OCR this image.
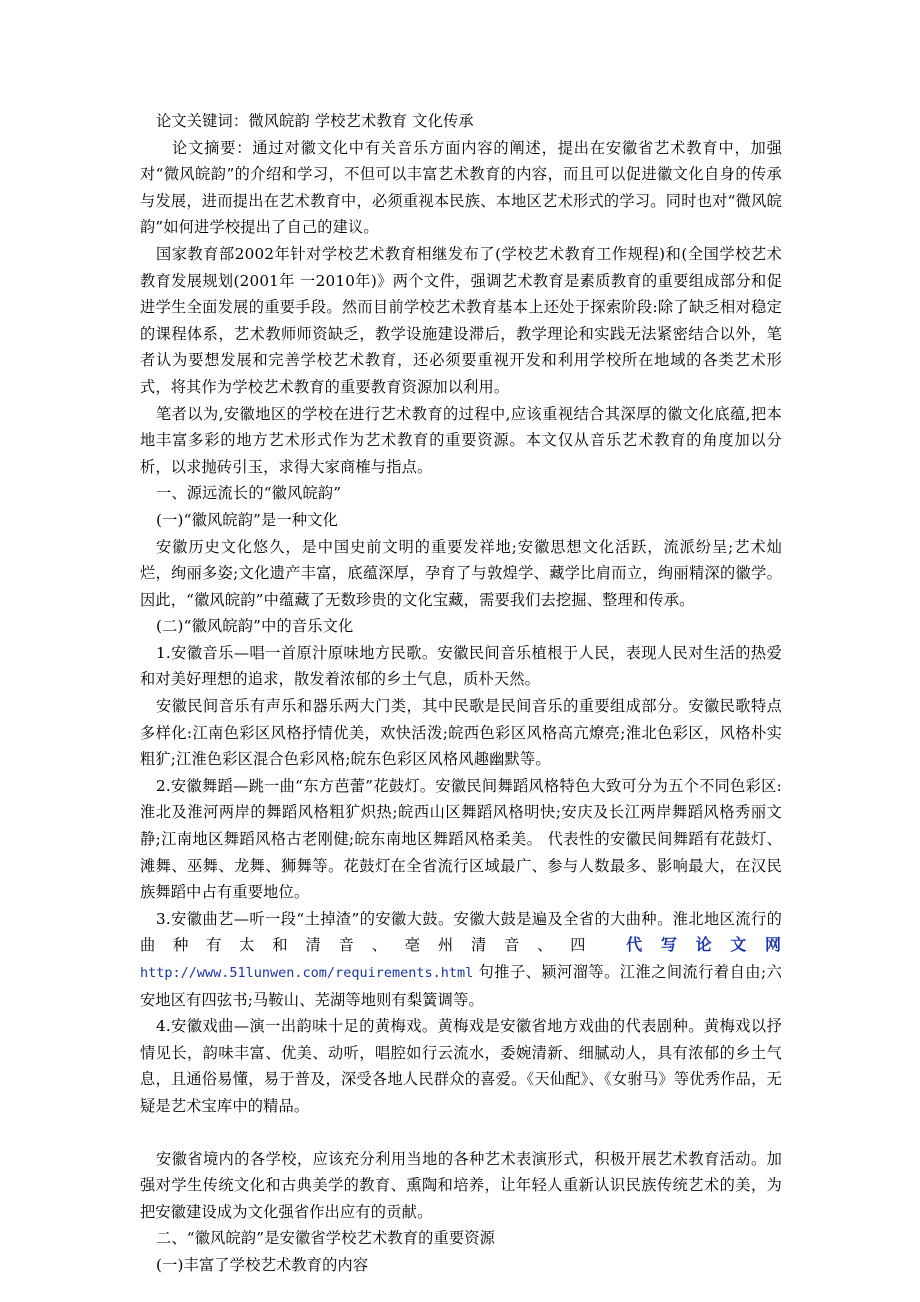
论文关键词：微风皖韵 学校艺术教育 文化传承

论文摘要：通过对徽文化中有关音乐方面内容的阐述，提出在安徽省艺术教育中，加强对“微风皖韵”的介绍和学习，不但可以丰富艺术教育的内容，而且可以促进徽文化自身的传承与发展，进而提出在艺术教育中，必须重视本民族、本地区艺术形式的学习。同时也对“微风皖韵”如何进学校提出了自己的建议。

国家教育部2002年针对学校艺术教育相继发布了(学校艺术教育工作规程)和(全国学校艺术教育发展规划(2001年 一2010年)》两个文件，强调艺术教育是素质教育的重要组成部分和促进学生全面发展的重要手段。然而目前学校艺术教育基本上还处于探索阶段:除了缺乏相对稳定的课程体系，艺术教师师资缺乏，教学设施建设滞后，教学理论和实践无法紧密结合以外，笔者认为要想发展和完善学校艺术教育，还必须要重视开发和利用学校所在地域的各类艺术形式，将其作为学校艺术教育的重要教育资源加以利用。

笔者以为,安徽地区的学校在进行艺术教育的过程中,应该重视结合其深厚的徽文化底蕴,把本地丰富多彩的地方艺术形式作为艺术教育的重要资源。本文仅从音乐艺术教育的角度加以分析，以求抛砖引玉，求得大家商榷与指点。

一、源远流长的“徽风皖韵”

(一)“徽风皖韵”是一种文化

安徽历史文化悠久，是中国史前文明的重要发祥地;安徽思想文化活跃，流派纷呈;艺术灿烂，绚丽多姿;文化遗产丰富，底蕴深厚，孕育了与敦煌学、藏学比肩而立，绚丽精深的徽学。因此，“徽风皖韵”中蕴藏了无数珍贵的文化宝藏，需要我们去挖掘、整理和传承。

(二)“徽风皖韵”中的音乐文化

1.安徽音乐—唱一首原汁原味地方民歌。安徽民间音乐植根于人民，表现人民对生活的热爱和对美好理想的追求，散发着浓郁的乡土气息，质朴天然。

安徽民间音乐有声乐和器乐两大门类，其中民歌是民间音乐的重要组成部分。安徽民歌特点多样化:江南色彩区风格抒情优美，欢快活泼;皖西色彩区风格高亢燎亮;淮北色彩区，风格朴实粗犷;江淮色彩区混合色彩风格;皖东色彩区风格风趣幽默等。

2.安徽舞蹈—跳一曲“东方芭蕾”花鼓灯。安徽民间舞蹈风格特色大致可分为五个不同色彩区:淮北及淮河两岸的舞蹈风格粗犷炽热;皖西山区舞蹈风格明快;安庆及长江两岸舞蹈风格秀丽文静;江南地区舞蹈风格古老刚健;皖东南地区舞蹈风格柔美。 代表性的安徽民间舞蹈有花鼓灯、滩舞、巫舞、龙舞、狮舞等。花鼓灯在全省流行区域最广、参与人数最多、影响最大，在汉民族舞蹈中占有重要地位。

3.安徽曲艺—听一段“土掉渣”的安徽大鼓。安徽大鼓是遍及全省的大曲种。淮北地区流行的曲种有太和清音、亳州清音、四 代写论文网 http://www.51lunwen.com/requirements.html 句推子、颍河溜等。江淮之间流行着自由;六安地区有四弦书;马鞍山、芜湖等地则有梨簧调等。

4.安徽戏曲—演一出韵味十足的黄梅戏。黄梅戏是安徽省地方戏曲的代表剧种。黄梅戏以抒情见长，韵味丰富、优美、动听，唱腔如行云流水，委婉清新、细腻动人，具有浓郁的乡土气息，且通俗易懂，易于普及，深受各地人民群众的喜爱。《天仙配》、《女驸马》等优秀作品，无疑是艺术宝库中的精品。

安徽省境内的各学校，应该充分利用当地的各种艺术表演形式，积极开展艺术教育活动。加强对学生传统文化和古典美学的教育、熏陶和培养，让年轻人重新认识民族传统艺术的美，为把安徽建设成为文化强省作出应有的贡献。

二、“徽风皖韵”是安徽省学校艺术教育的重要资源

(一)丰富了学校艺术教育的内容
